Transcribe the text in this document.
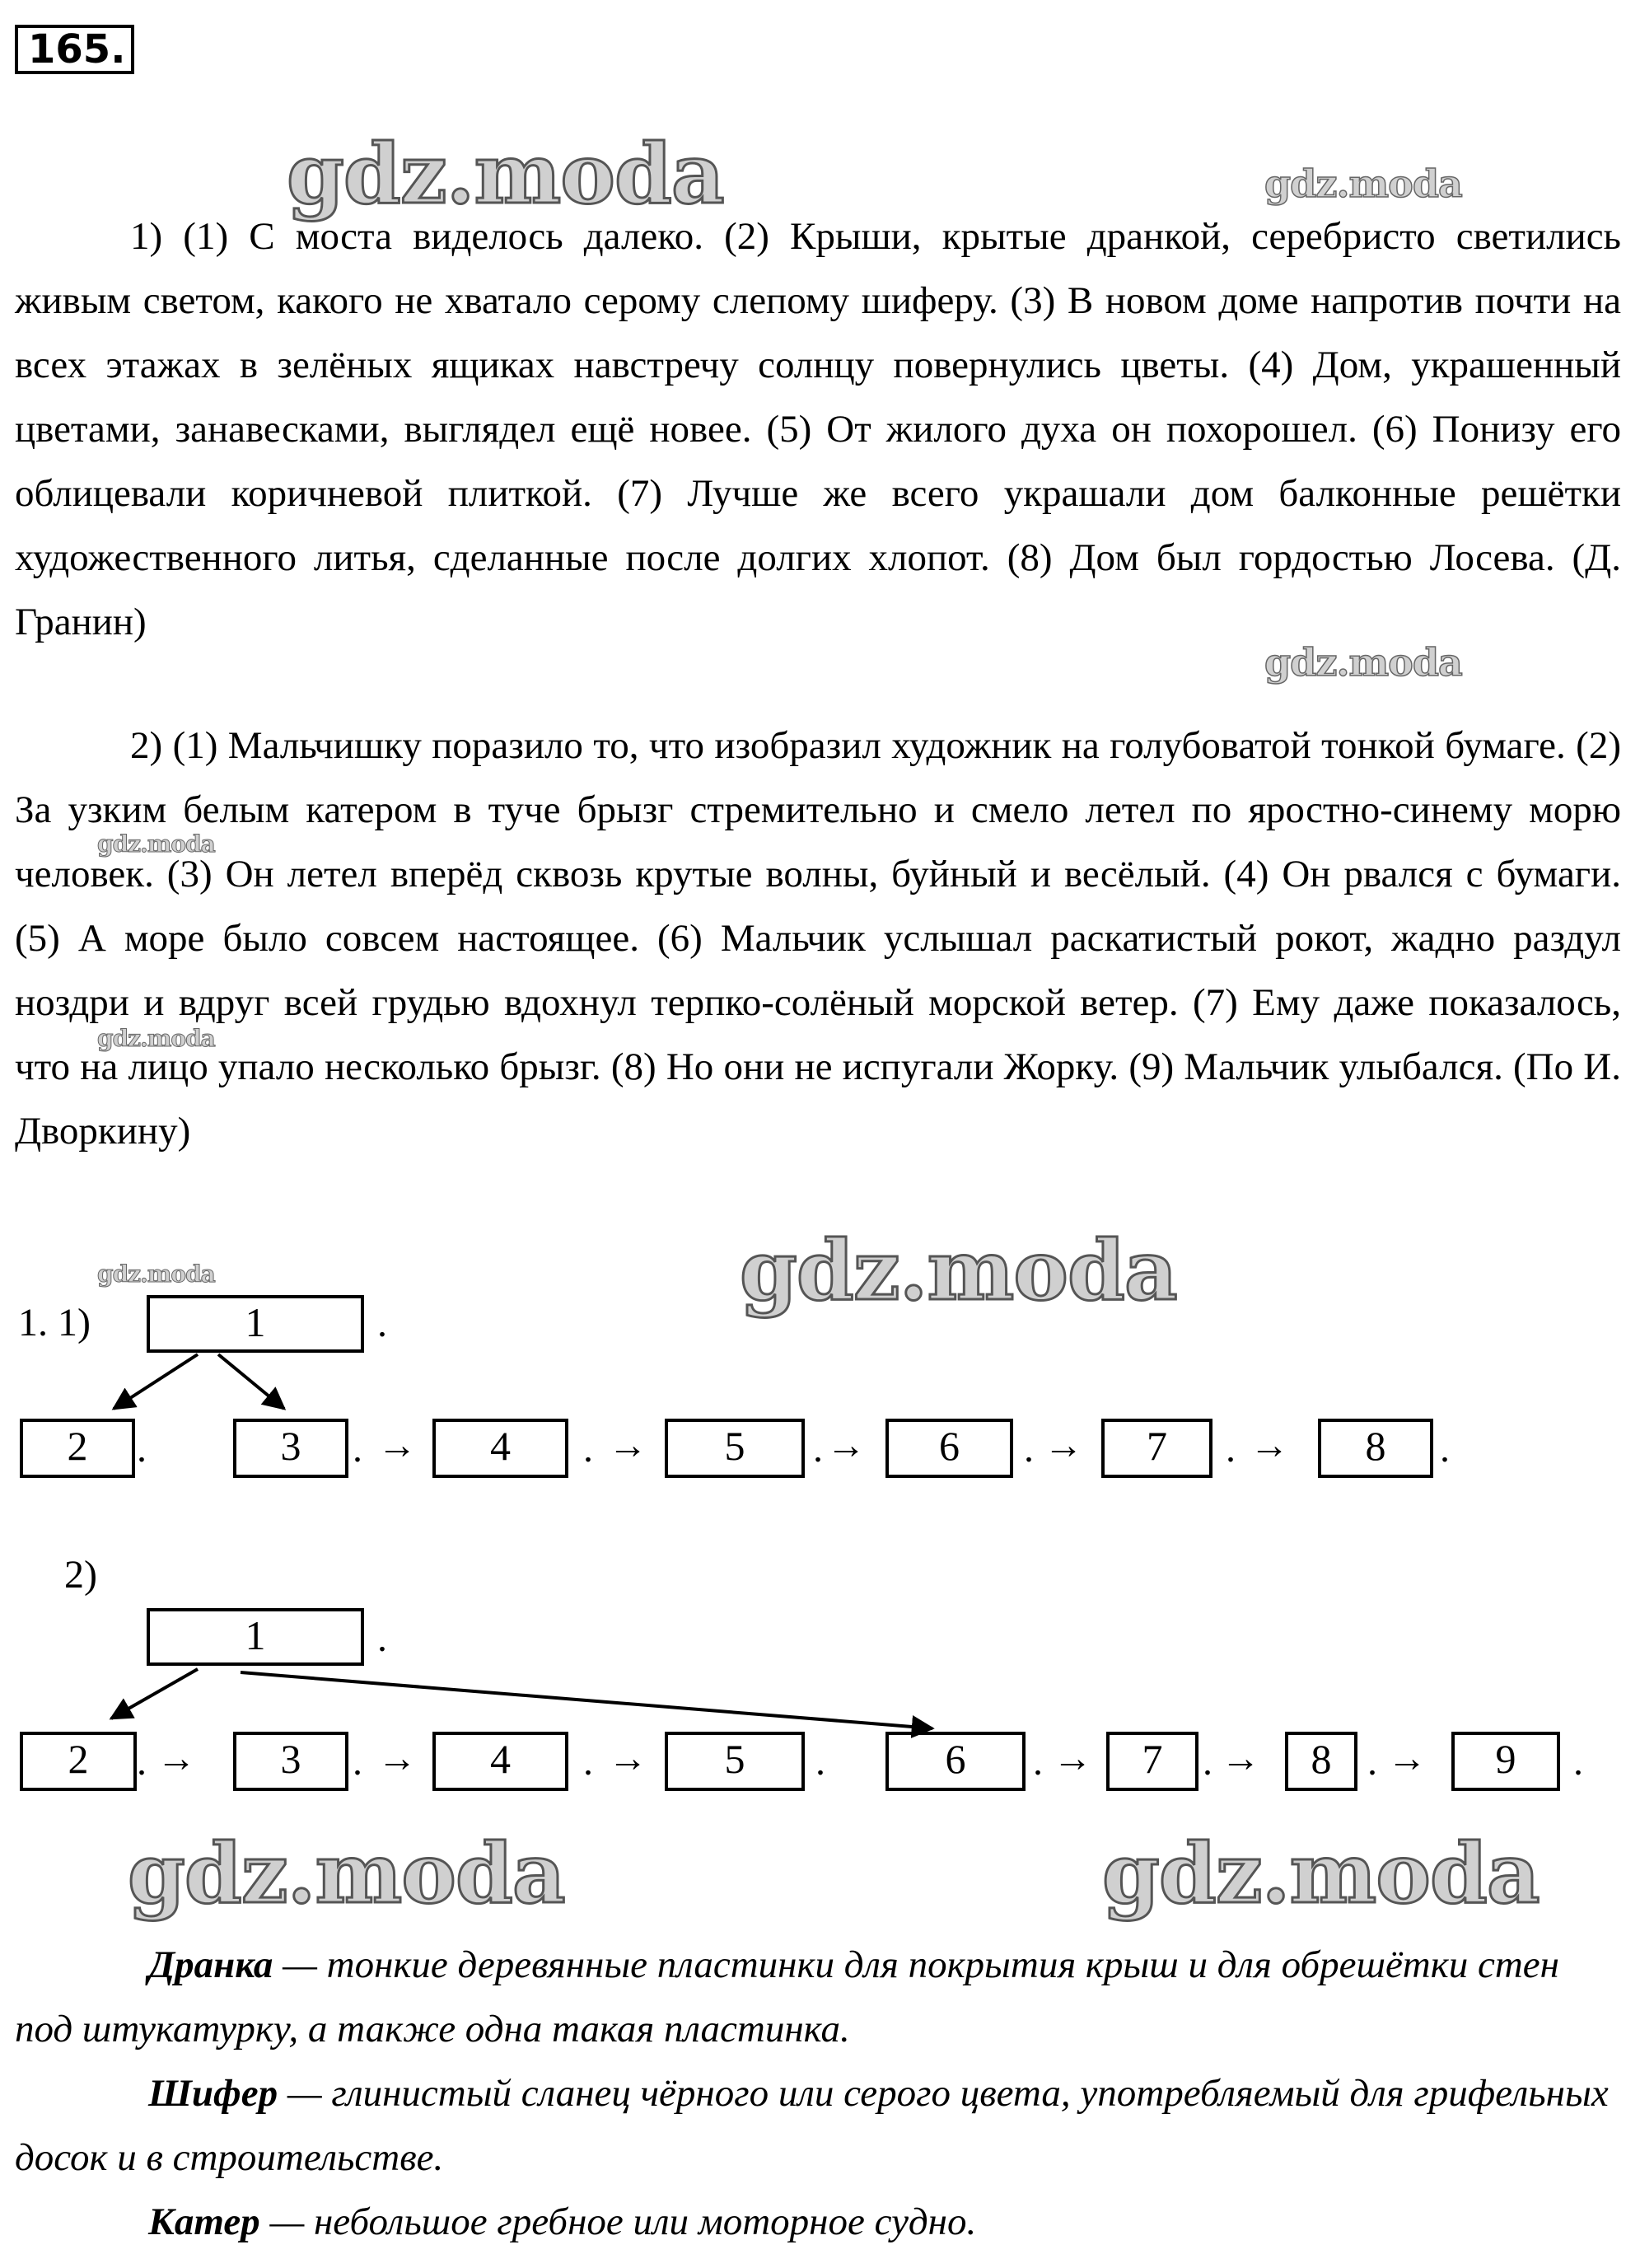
165.
gdz.moda	gdz.moda
gdz.moda
gdz.moda
gdz.moda
gdz.moda	gdz.moda
gdz.moda	gdz.moda

1) (1) С моста виделось далеко. (2) Крыши, крытые дранкой, серебристо светились живым светом, какого не хватало серому слепому шиферу. (3) В новом доме напротив почти на всех этажах в зелёных ящиках навстречу солнцу повернулись цветы. (4) Дом, украшенный цветами, занавесками, выглядел ещё новее. (5) От жилого духа он похорошел. (6) Понизу его облицевали коричневой плиткой. (7) Лучше же всего украшали дом балконные решётки художественного литья, сделанные после долгих хлопот. (8) Дом был гордостью Лосева. (Д. Гранин)

2) (1) Мальчишку поразило то, что изобразил художник на голубоватой тонкой бумаге. (2) За узким белым катером в туче брызг стремительно и смело летел по яростно-синему морю человек. (3) Он летел вперёд сквозь крутые волны, буйный и весёлый. (4) Он рвался с бумаги. (5) А море было совсем настоящее. (6) Мальчик услышал раскатистый рокот, жадно раздул ноздри и вдруг всей грудью вдохнул терпко-солёный морской ветер. (7) Ему даже показалось, что на лицо упало несколько брызг. (8) Но они не испугали Жорку. (9) Мальчик улыбался. (По И. Дворкину)

1. 1)	1	.
2	.	3	. →	4	. →	5	. →	6	. →	7	. →	8	.
2)
1	.
2	. →	3	. →	4	. →	5	.	6	. →	7	. →	8 . →	9	.

Дранка — тонкие деревянные пластинки для покрытия крыш и для обрешётки стен под штукатурку, а также одна такая пластинка.

Шифер — глинистый сланец чёрного или серого цвета, употребляемый для грифельных досок и в строительстве.

Катер — небольшое гребное или моторное судно.
